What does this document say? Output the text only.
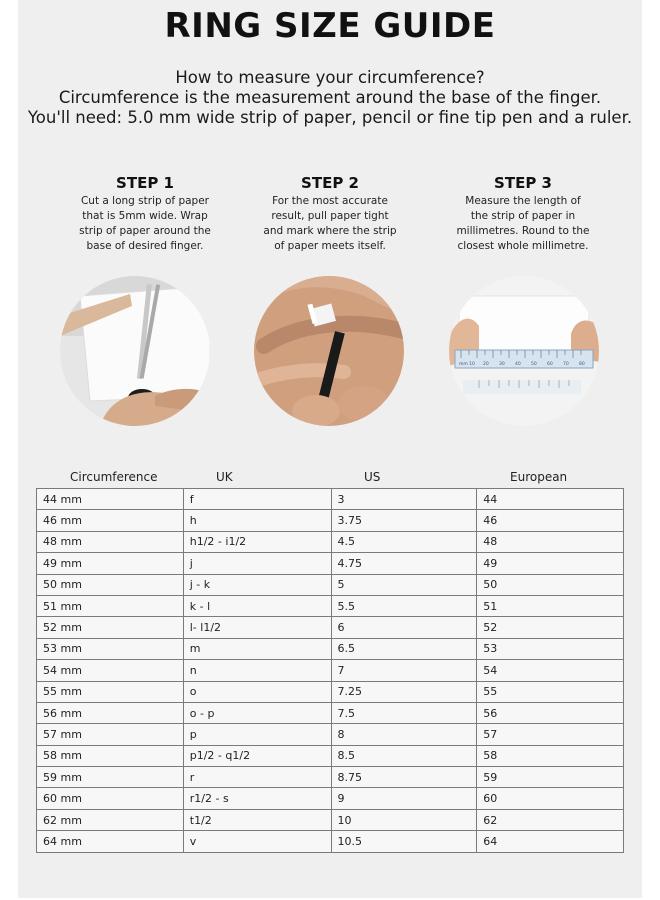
RING SIZE GUIDE
How to measure your circumference?
Circumference is the measurement around the base of the finger.
You'll need: 5.0 mm wide strip of paper, pencil or fine tip pen and a ruler.
STEP 1

Cut a long strip of paper
that is 5mm wide. Wrap
strip of paper around the
base of desired finger.

STEP 2

For the most accurate
result, pull paper tight
and mark where the strip
of paper meets itself.

STEP 3

Measure the length of
the strip of paper in
millimetres. Round to the
closest whole millimetre.

mm 10 20 30 40 50 60 70 80
Circumference	UK	US	European
44 mm	f	3	44
46 mm	h	3.75	46
48 mm	h1/2 - i1/2	4.5	48
49 mm	j	4.75	49
50 mm	j - k	5	50
51 mm	k - l	5.5	51
52 mm	l- l1/2	6	52
53 mm	m	6.5	53
54 mm	n	7	54
55 mm	o	7.25	55
56 mm	o - p	7.5	56
57 mm	p	8	57
58 mm	p1/2 - q1/2	8.5	58
59 mm	r	8.75	59
60 mm	r1/2 - s	9	60
62 mm	t1/2	10	62
64 mm	v	10.5	64
